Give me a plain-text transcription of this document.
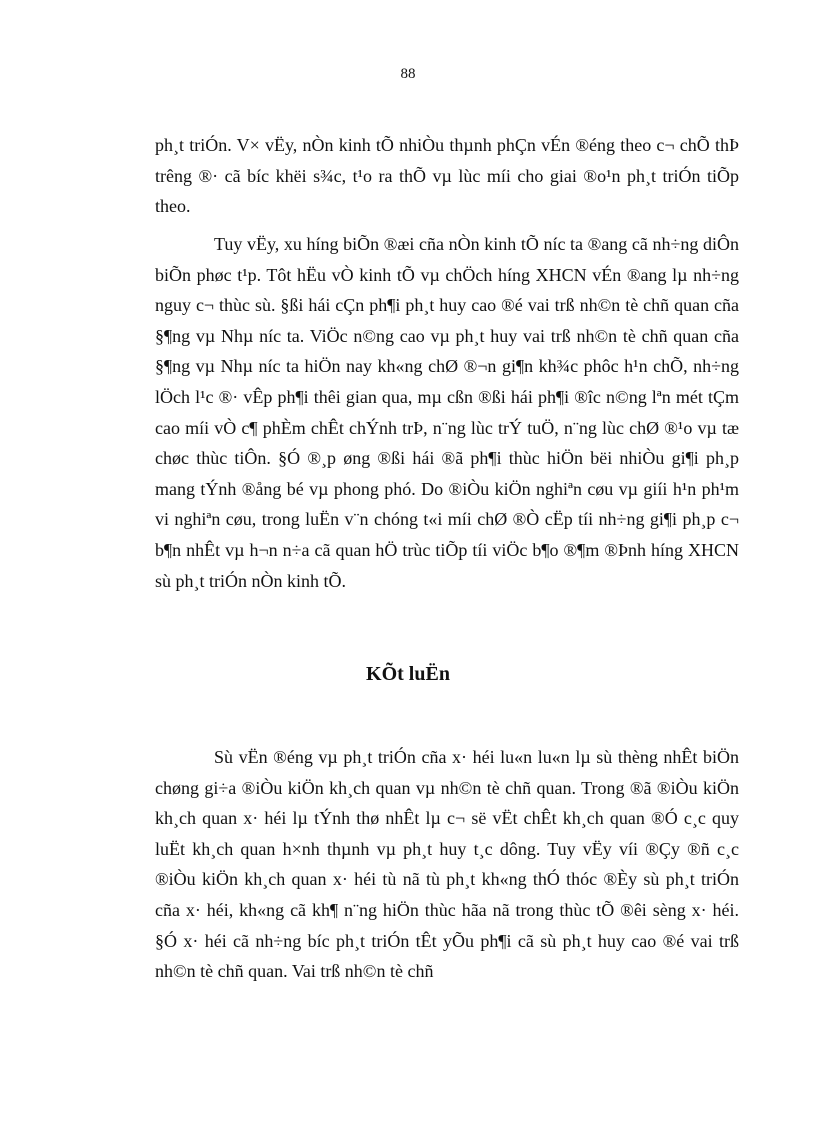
88

ph¸t triÓn. V× vËy, nÒn kinh tÕ nhiÒu thµnh phÇn vÉn ®éng theo c¬ chÕ thÞ trêng ®· cã bíc khëi s¾c, t¹o ra thÕ vµ lùc míi cho giai ®o¹n ph¸t triÓn tiÕp theo.

Tuy vËy, xu híng biÕn ®æi cña nÒn kinh tÕ níc ta ®ang cã nh÷ng diÔn biÕn phøc t¹p. Tôt hËu vÒ kinh tÕ vµ chÖch híng XHCN vÉn ®ang lµ nh÷ng nguy c¬ thùc sù. §ßi hái cÇn ph¶i ph¸t huy cao ®é vai trß nh©n tè chñ quan cña §¶ng vµ Nhµ níc ta. ViÖc n©ng cao vµ ph¸t huy vai trß nh©n tè chñ quan cña §¶ng vµ Nhµ níc ta hiÖn nay kh«ng chØ ®¬n gi¶n kh¾c phôc h¹n chÕ, nh÷ng lÖch l¹c ®· vÊp ph¶i thêi gian qua, mµ cßn ®ßi hái ph¶i ®îc n©ng lªn mét tÇm cao míi vÒ c¶ phÈm chÊt chÝnh trÞ, n¨ng lùc trÝ tuÖ, n¨ng lùc chØ ®¹o vµ tæ chøc thùc tiÔn. §Ó ®¸p øng ®ßi hái ®ã ph¶i thùc hiÖn bëi nhiÒu gi¶i ph¸p mang tÝnh ®ång bé vµ phong phó. Do ®iÒu kiÖn nghiªn cøu vµ giíi h¹n ph¹m vi nghiªn cøu, trong luËn v¨n chóng t«i míi chØ ®Ò cËp tíi nh÷ng gi¶i ph¸p c¬ b¶n nhÊt vµ h¬n n÷a cã quan hÖ trùc tiÕp tíi viÖc b¶o ®¶m ®Þnh híng XHCN sù ph¸t triÓn nÒn kinh tÕ.

KÕt luËn

Sù vËn ®éng vµ ph¸t triÓn cña x· héi lu«n lu«n lµ sù thèng nhÊt biÖn chøng gi÷a ®iÒu kiÖn kh¸ch quan vµ nh©n tè chñ quan. Trong ®ã ®iÒu kiÖn kh¸ch quan x· héi lµ tÝnh thø nhÊt lµ c¬ së vËt chÊt kh¸ch quan ®Ó c¸c quy luËt kh¸ch quan h×nh thµnh vµ ph¸t huy t¸c dông. Tuy vËy víi ®Çy ®ñ c¸c ®iÒu kiÖn kh¸ch quan x· héi tù nã tù ph¸t kh«ng thÓ thóc ®Èy sù ph¸t triÓn cña x· héi, kh«ng cã kh¶ n¨ng hiÖn thùc hãa nã trong thùc tÕ ®êi sèng x· héi. §Ó x· héi cã nh÷ng bíc ph¸t triÓn tÊt yÕu ph¶i cã sù ph¸t huy cao ®é vai trß nh©n tè chñ quan. Vai trß nh©n tè chñ
